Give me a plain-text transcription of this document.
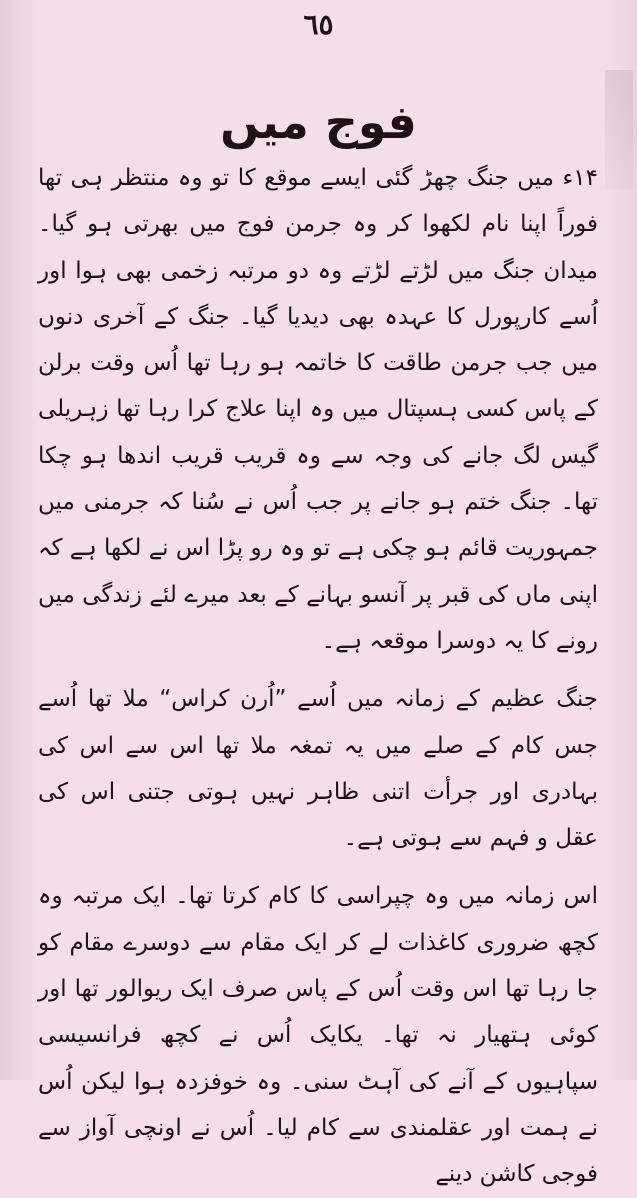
٦٥
فوج میں

۱۴ء میں جنگ چھڑ گئی ایسے موقع کا تو وہ منتظر ہی تھا فوراً اپنا نام لکھوا کر وہ جرمن فوج میں بھرتی ہو گیا۔ میدان جنگ میں لڑتے لڑتے وہ دو مرتبہ زخمی بھی ہوا اور اُسے کارپورل کا عہدہ بھی دیدیا گیا۔ جنگ کے آخری دنوں میں جب جرمن طاقت کا خاتمہ ہو رہا تھا اُس وقت برلن کے پاس کسی ہسپتال میں وہ اپنا علاج کرا رہا تھا زہریلی گیس لگ جانے کی وجہ سے وہ قریب قریب اندھا ہو چکا تھا۔ جنگ ختم ہو جانے پر جب اُس نے سُنا کہ جرمنی میں جمہوریت قائم ہو چکی ہے تو وہ رو پڑا اس نے لکھا ہے کہ اپنی ماں کی قبر پر آنسو بہانے کے بعد میرے لئے زندگی میں رونے کا یہ دوسرا موقعہ ہے۔

جنگ عظیم کے زمانہ میں اُسے ”اُرن کراس“ ملا تھا اُسے جس کام کے صلے میں یہ تمغہ ملا تھا اس سے اس کی بہادری اور جرأت اتنی ظاہر نہیں ہوتی جتنی اس کی عقل و فہم سے ہوتی ہے۔

اس زمانہ میں وہ چپراسی کا کام کرتا تھا۔ ایک مرتبہ وہ کچھ ضروری کاغذات لے کر ایک مقام سے دوسرے مقام کو جا رہا تھا اس وقت اُس کے پاس صرف ایک ریوالور تھا اور کوئی ہتھیار نہ تھا۔ یکایک اُس نے کچھ فرانسیسی سپاہیوں کے آنے کی آہٹ سنی۔ وہ خوفزدہ ہوا لیکن اُس نے ہمت اور عقلمندی سے کام لیا۔ اُس نے اونچی آواز سے فوجی کاشن دینے
